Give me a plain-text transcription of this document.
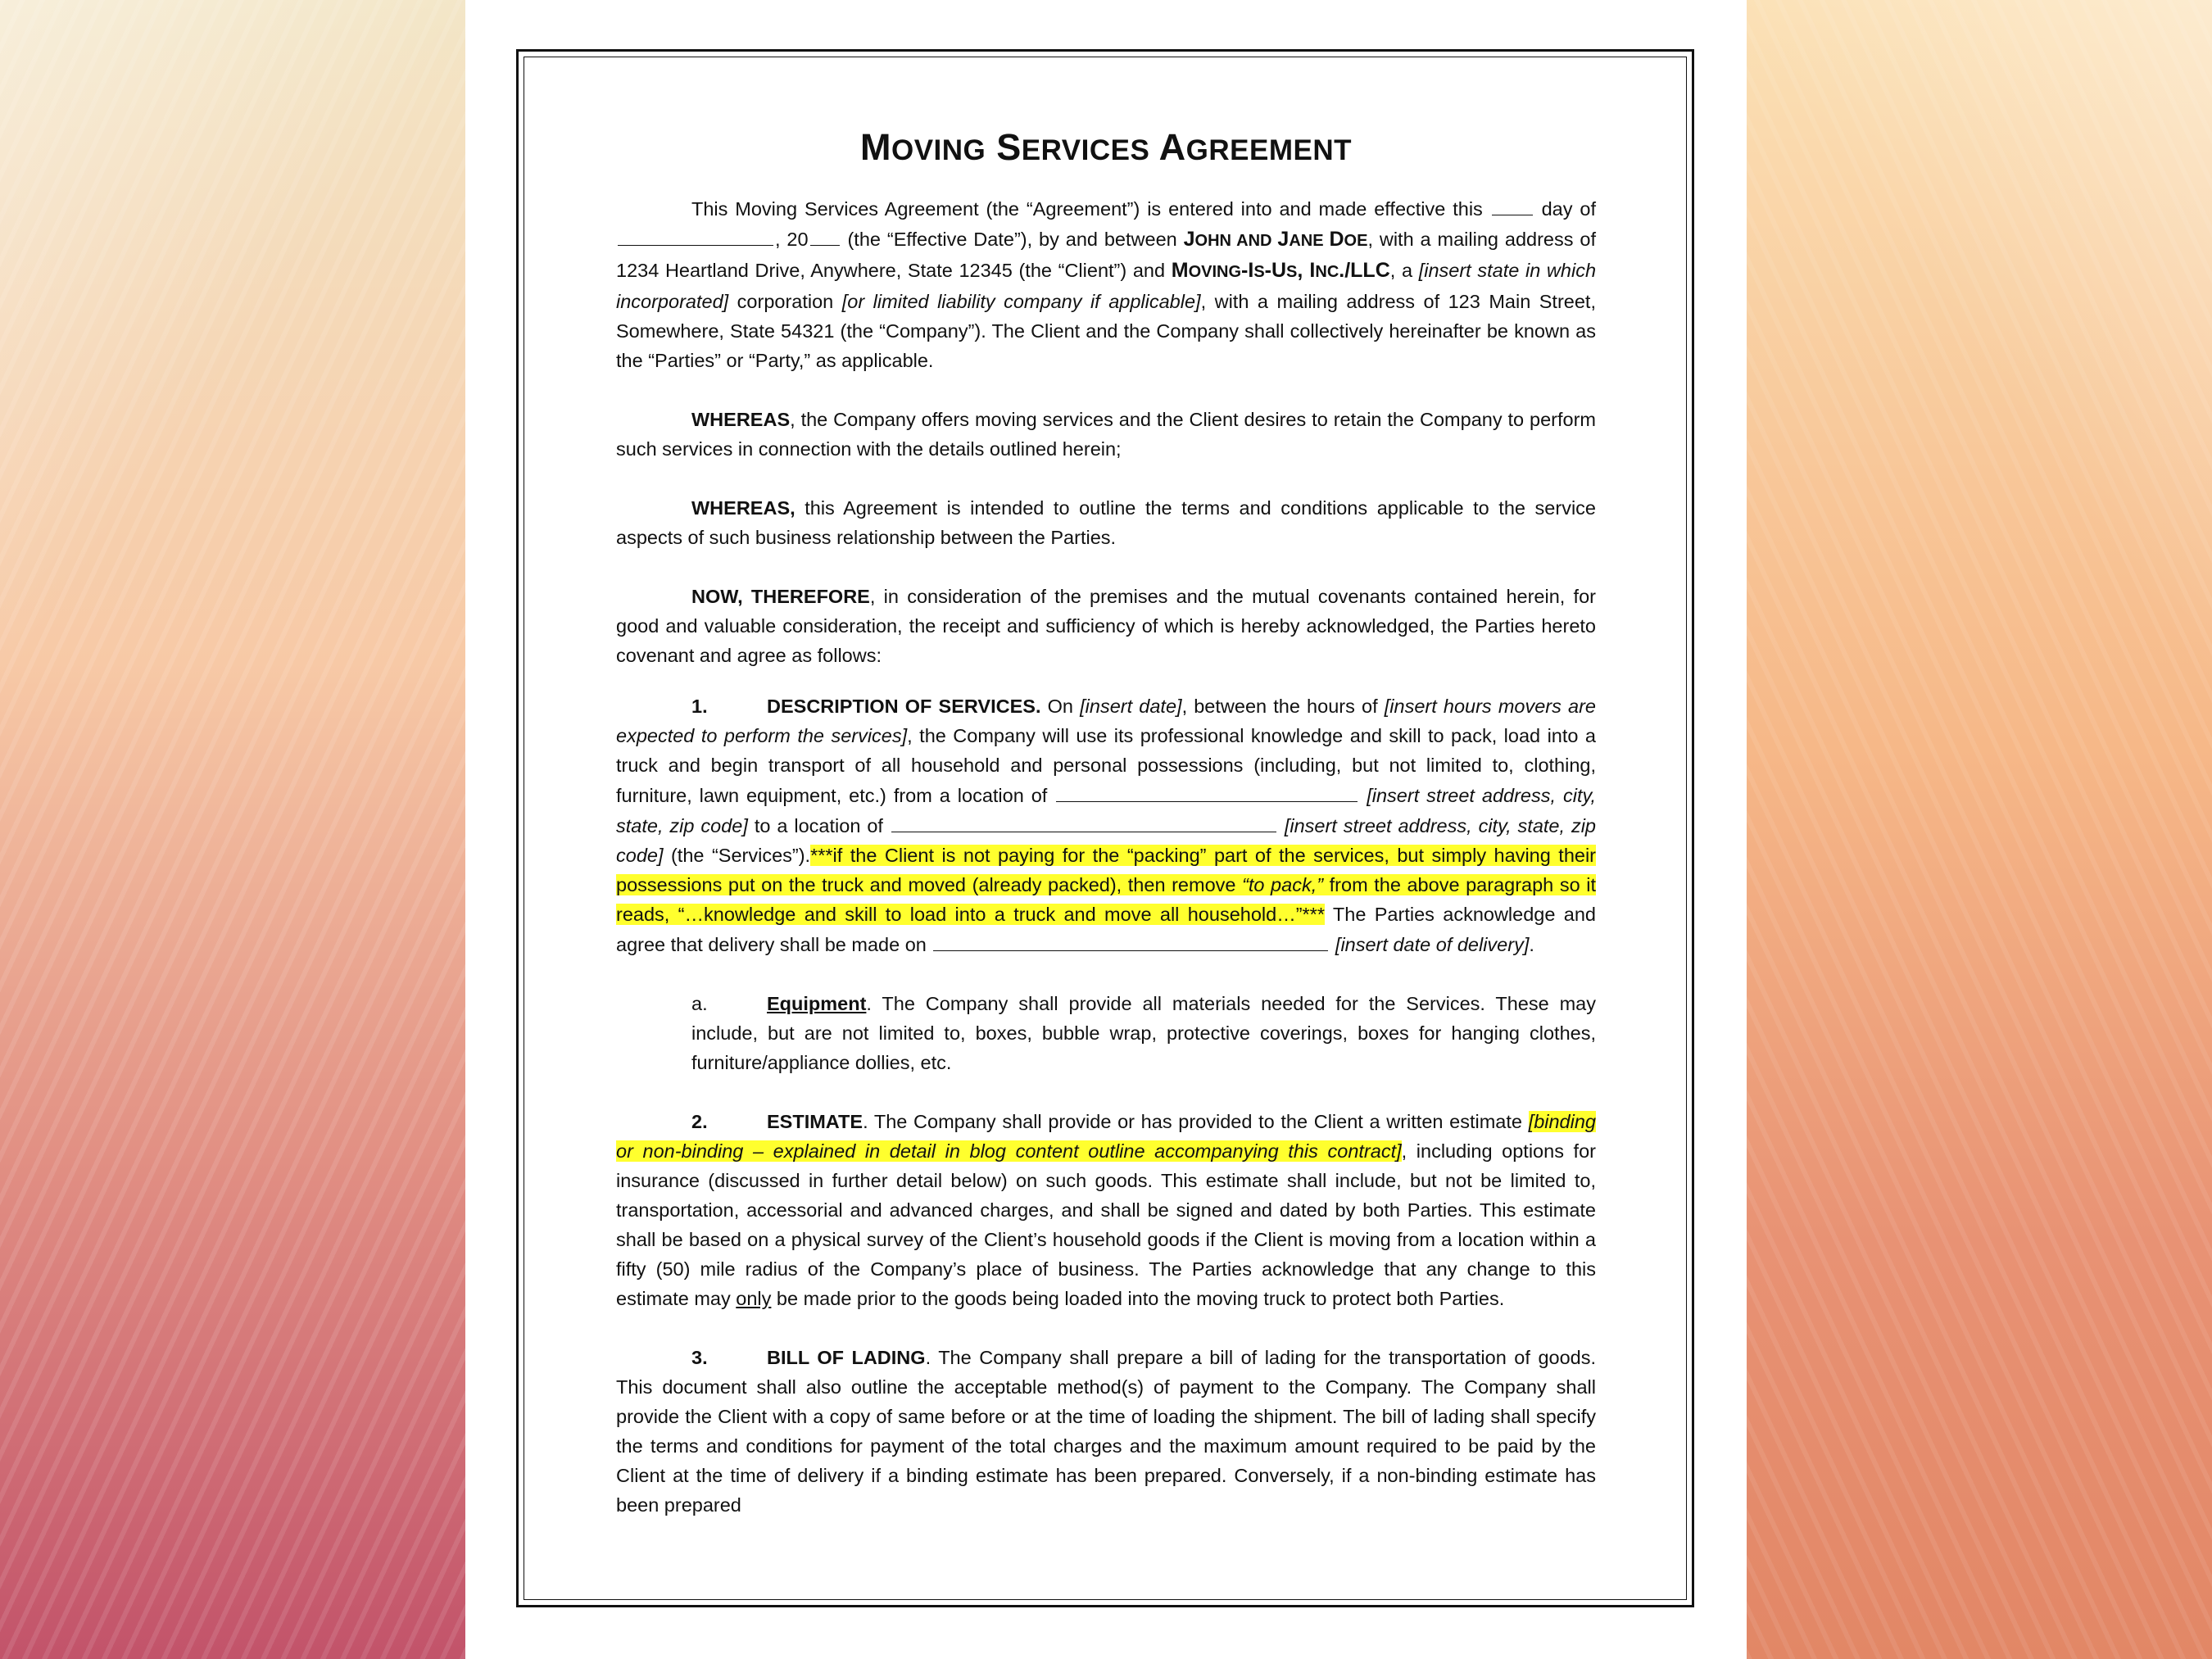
MOVING SERVICES AGREEMENT

This Moving Services Agreement (the “Agreement”) is entered into and made effective this	day of , 20 (the “Effective Date”), by and between JOHN AND JANE DOE, with a mailing address of 1234 Heartland Drive, Anywhere, State 12345 (the “Client”) and MOVING-IS-US, INC./LLC, a [insert state in which incorporated] corporation [or limited liability company if applicable], with a mailing address of 123 Main Street, Somewhere, State 54321 (the “Company”). The Client and the Company shall collectively hereinafter be known as the “Parties” or “Party,” as applicable.

WHEREAS, the Company offers moving services and the Client desires to retain the Company to perform such services in connection with the details outlined herein;

WHEREAS, this Agreement is intended to outline the terms and conditions applicable to the service aspects of such business relationship between the Parties.

NOW, THEREFORE, in consideration of the premises and the mutual covenants contained herein, for good and valuable consideration, the receipt and sufficiency of which is hereby acknowledged, the Parties hereto covenant and agree as follows:

1.	DESCRIPTION OF SERVICES. On [insert date], between the hours of [insert hours movers are expected to perform the services], the Company will use its professional knowledge and skill to pack, load into a truck and begin transport of all household and personal possessions (including, but not limited to, clothing, furniture, lawn equipment, etc.) from a location of	[insert street address, city, state, zip code] to a location of	[insert street address, city, state, zip code] (the “Services”).***if the Client is not paying for the “packing” part of the services, but simply having their possessions put on the truck and moved (already packed), then remove “to pack,” from the above paragraph so it reads, “…knowledge and skill to load into a truck and move all household…”*** The Parties acknowledge and agree that delivery shall be made on	[insert date of delivery].

a.	Equipment. The Company shall provide all materials needed for the Services. These may include, but are not limited to, boxes, bubble wrap, protective coverings, boxes for hanging clothes, furniture/appliance dollies, etc.

2.	ESTIMATE. The Company shall provide or has provided to the Client a written estimate [binding or non-binding – explained in detail in blog content outline accompanying this contract], including options for insurance (discussed in further detail below) on such goods. This estimate shall include, but not be limited to, transportation, accessorial and advanced charges, and shall be signed and dated by both Parties. This estimate shall be based on a physical survey of the Client’s household goods if the Client is moving from a location within a fifty (50) mile radius of the Company’s place of business. The Parties acknowledge that any change to this estimate may only be made prior to the goods being loaded into the moving truck to protect both Parties.

3.	BILL OF LADING. The Company shall prepare a bill of lading for the transportation of goods. This document shall also outline the acceptable method(s) of payment to the Company. The Company shall provide the Client with a copy of same before or at the time of loading the shipment. The bill of lading shall specify the terms and conditions for payment of the total charges and the maximum amount required to be paid by the Client at the time of delivery if a binding estimate has been prepared. Conversely, if a non-binding estimate has been prepared
